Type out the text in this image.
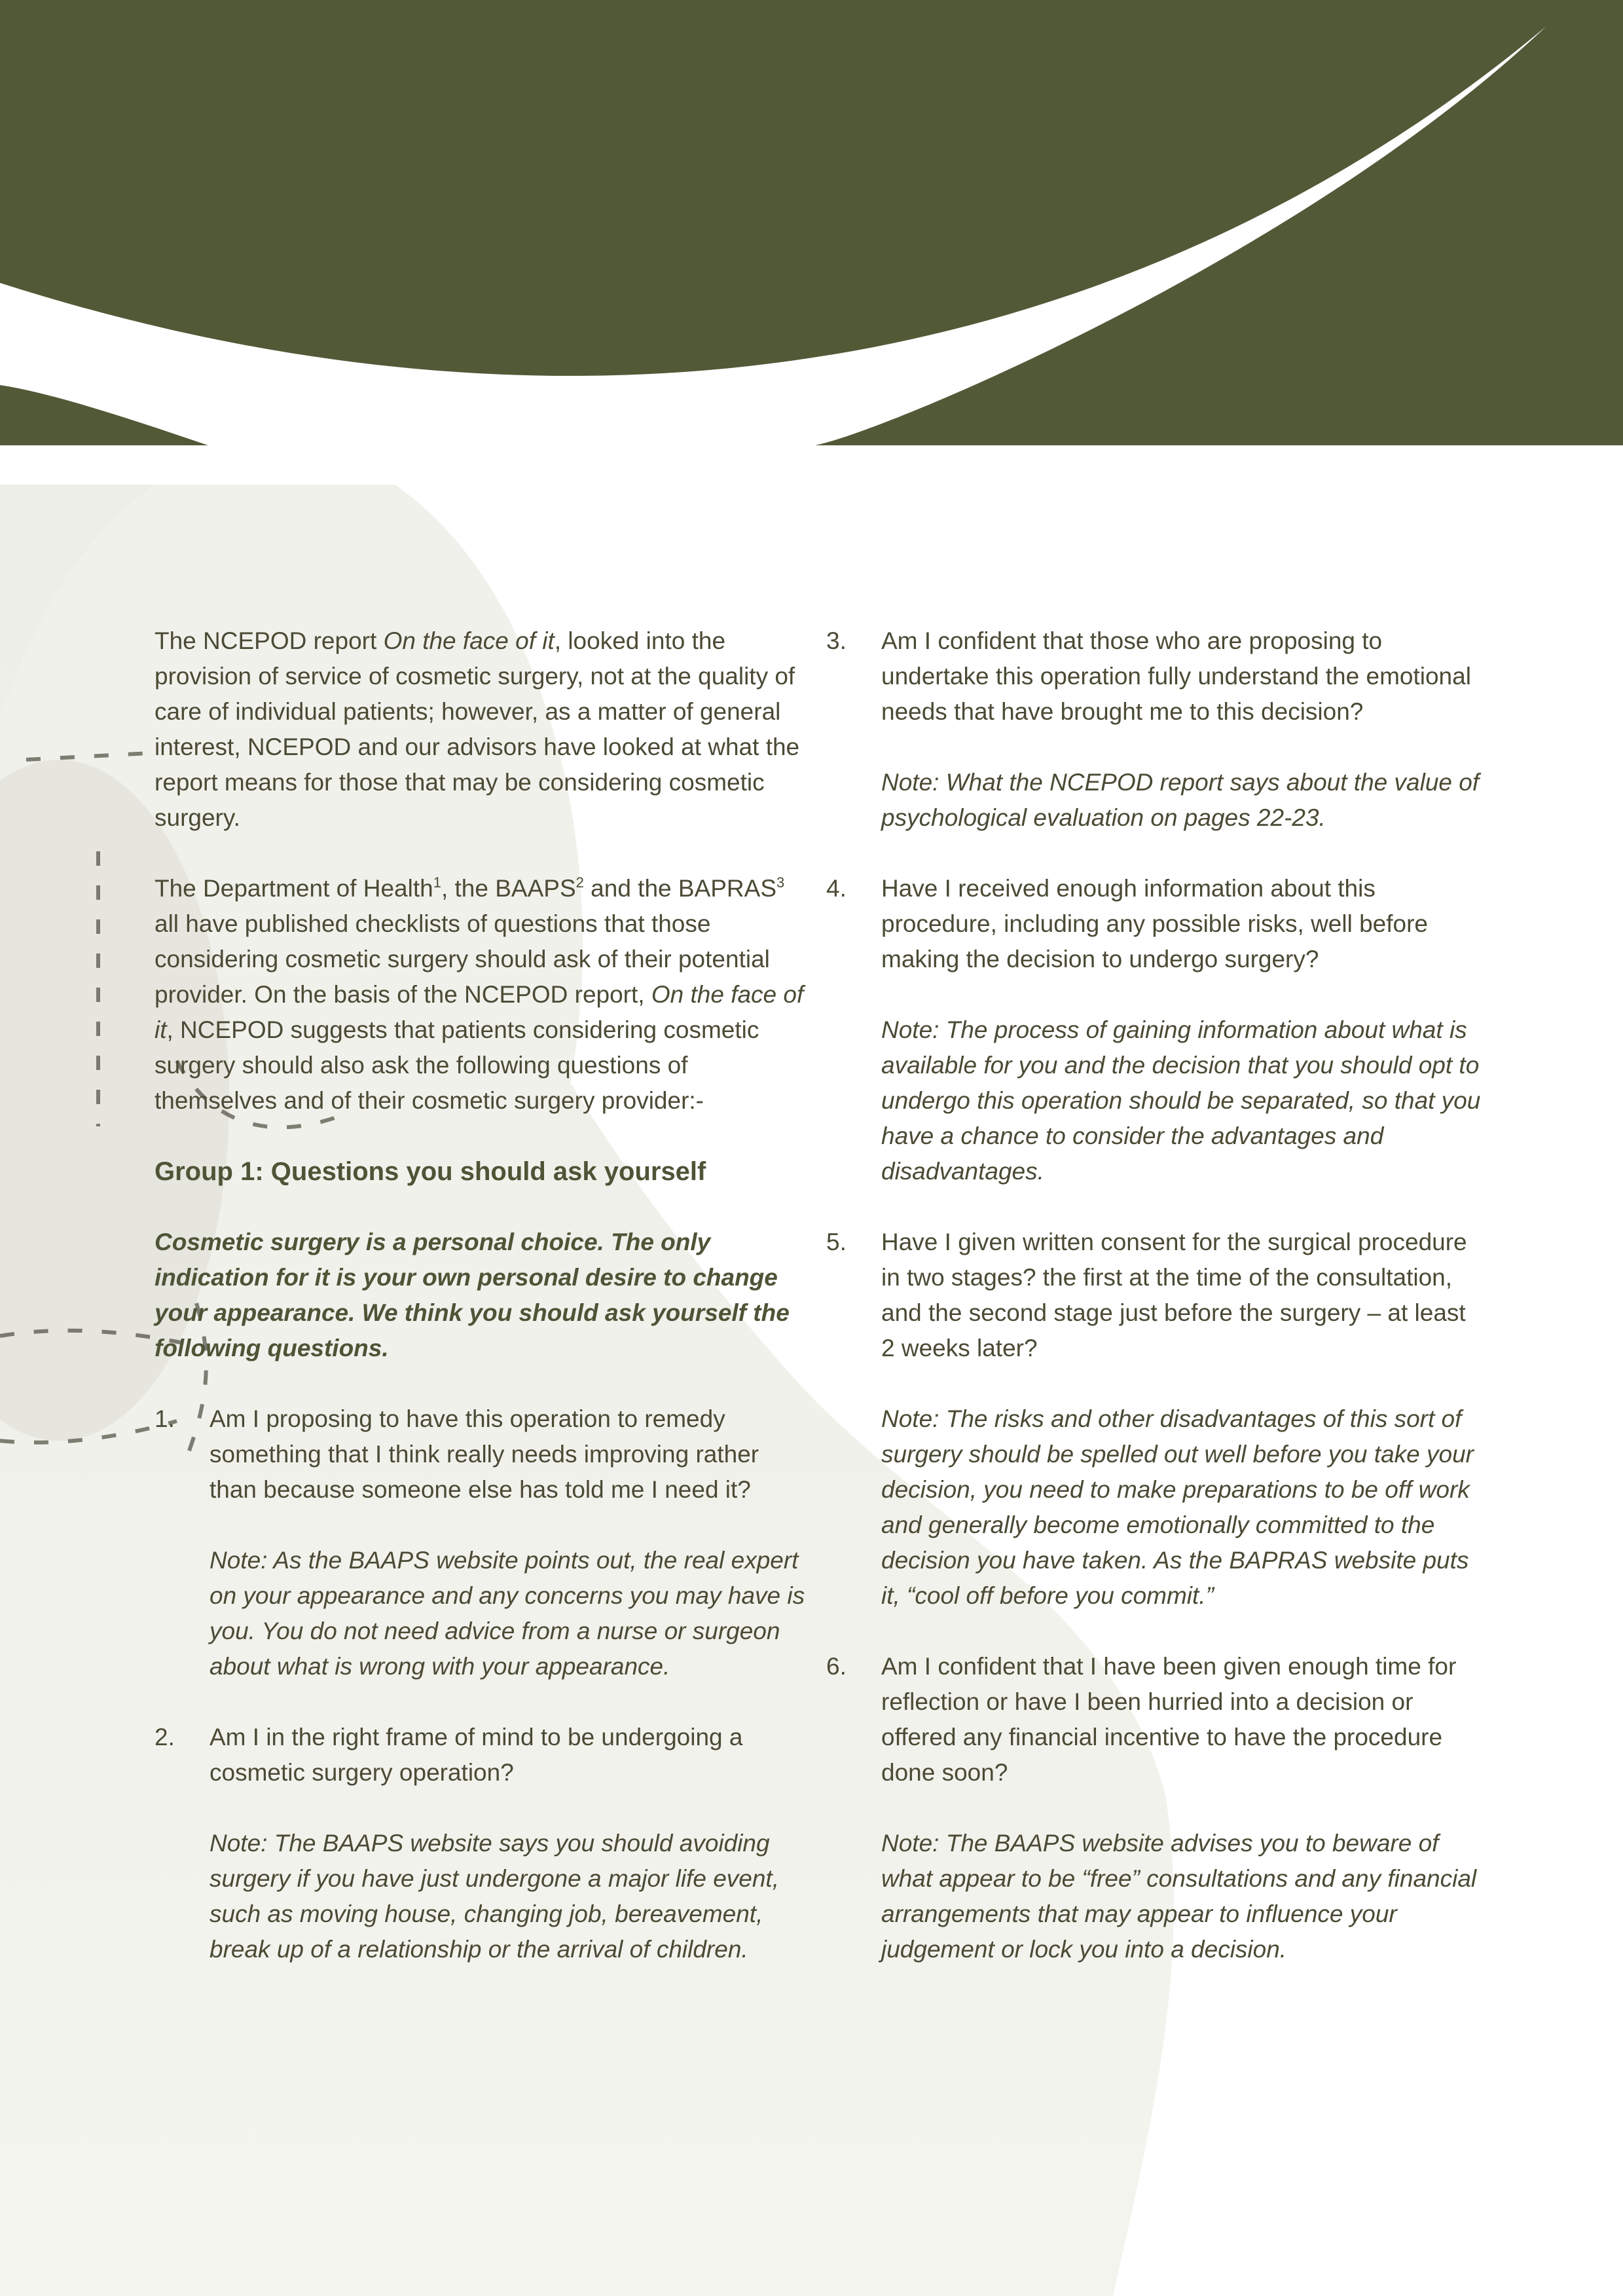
The NCEPOD report On the face of it, looked into the provision of service of cosmetic surgery, not at the quality of care of individual patients; however, as a matter of general interest, NCEPOD and our advisors have looked at what the report means for those that may be considering cosmetic surgery.

The Department of Health$^1$, the BAAPS$^2$ and the BAPRAS$^3$ all have published checklists of questions that those considering cosmetic surgery should ask of their potential provider. On the basis of the NCEPOD report, On the face of it, NCEPOD suggests that patients considering cosmetic surgery should also ask the following questions of themselves and of their cosmetic surgery provider:-

Group 1: Questions you should ask yourself

Cosmetic surgery is a personal choice. The only indication for it is your own personal desire to change your appearance. We think you should ask yourself the following questions.

1. Am I proposing to have this operation to remedy something that I think really needs improving rather than because someone else has told me I need it?

Note: As the BAAPS website points out, the real expert on your appearance and any concerns you may have is you. You do not need advice from a nurse or surgeon about what is wrong with your appearance.

2. Am I in the right frame of mind to be undergoing a cosmetic surgery operation?

Note: The BAAPS website says you should avoiding surgery if you have just undergone a major life event, such as moving house, changing job, bereavement, break up of a relationship or the arrival of children.

3. Am I confident that those who are proposing to undertake this operation fully understand the emotional needs that have brought me to this decision?

Note: What the NCEPOD report says about the value of psychological evaluation on pages 22-23.

4. Have I received enough information about this procedure, including any possible risks, well before making the decision to undergo surgery?

Note: The process of gaining information about what is available for you and the decision that you should opt to undergo this operation should be separated, so that you have a chance to consider the advantages and disadvantages.

5. Have I given written consent for the surgical procedure in two stages? the first at the time of the consultation, and the second stage just before the surgery – at least 2 weeks later?

Note: The risks and other disadvantages of this sort of surgery should be spelled out well before you take your decision, you need to make preparations to be off work and generally become emotionally committed to the decision you have taken. As the BAPRAS website puts it, “cool off before you commit.”

6. Am I confident that I have been given enough time for reflection or have I been hurried into a decision or offered any financial incentive to have the procedure done soon?

Note: The BAAPS website advises you to beware of what appear to be “free” consultations and any financial arrangements that may appear to influence your judgement or lock you into a decision.
